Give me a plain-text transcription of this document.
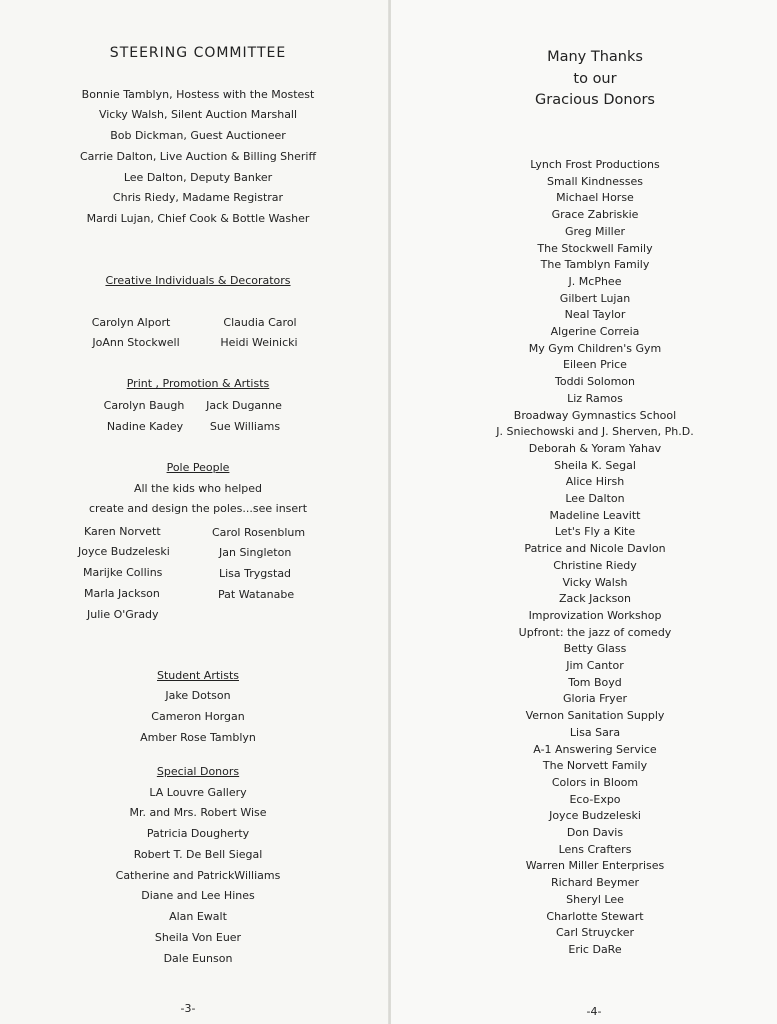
STEERING COMMITTEE
Bonnie Tamblyn, Hostess with the Mostest
Vicky Walsh, Silent Auction Marshall
Bob Dickman, Guest Auctioneer
Carrie Dalton, Live Auction & Billing Sheriff
Lee Dalton, Deputy Banker
Chris Riedy, Madame Registrar
Mardi Lujan, Chief Cook & Bottle Washer
Creative Individuals & Decorators
Carolyn Alport
JoAnn Stockwell
Claudia Carol
Heidi Weinicki
Print , Promotion & Artists
Carolyn Baugh
Nadine Kadey
Jack Duganne
Sue Williams
Pole People
All the kids who helped
create and design the poles...see insert
Karen Norvett
Joyce Budzeleski
Marijke Collins
Marla Jackson
Julie O'Grady
Carol Rosenblum
Jan Singleton
Lisa Trygstad
Pat Watanabe
Student Artists
Jake Dotson
Cameron Horgan
Amber Rose Tamblyn
Special Donors
LA Louvre Gallery
Mr. and Mrs. Robert Wise
Patricia Dougherty
Robert T. De Bell Siegal
Catherine and PatrickWilliams
Diane and Lee Hines
Alan Ewalt
Sheila Von Euer
Dale Eunson
-3-
Many Thanks
to our
Gracious Donors
Lynch Frost Productions
Small Kindnesses
Michael Horse
Grace Zabriskie
Greg Miller
The Stockwell Family
The Tamblyn Family
J. McPhee
Gilbert Lujan
Neal Taylor
Algerine Correia
My Gym Children's Gym
Eileen Price
Toddi Solomon
Liz Ramos
Broadway Gymnastics School
J. Sniechowski and J. Sherven, Ph.D.
Deborah & Yoram Yahav
Sheila K. Segal
Alice Hirsh
Lee Dalton
Madeline Leavitt
Let's Fly a Kite
Patrice and Nicole Davlon
Christine Riedy
Vicky Walsh
Zack Jackson
Improvization Workshop
Upfront: the jazz of comedy
Betty Glass
Jim Cantor
Tom Boyd
Gloria Fryer
Vernon Sanitation Supply
Lisa Sara
A-1 Answering Service
The Norvett Family
Colors in Bloom
Eco-Expo
Joyce Budzeleski
Don Davis
Lens Crafters
Warren Miller Enterprises
Richard Beymer
Sheryl Lee
Charlotte Stewart
Carl Struycker
Eric DaRe
-4-
